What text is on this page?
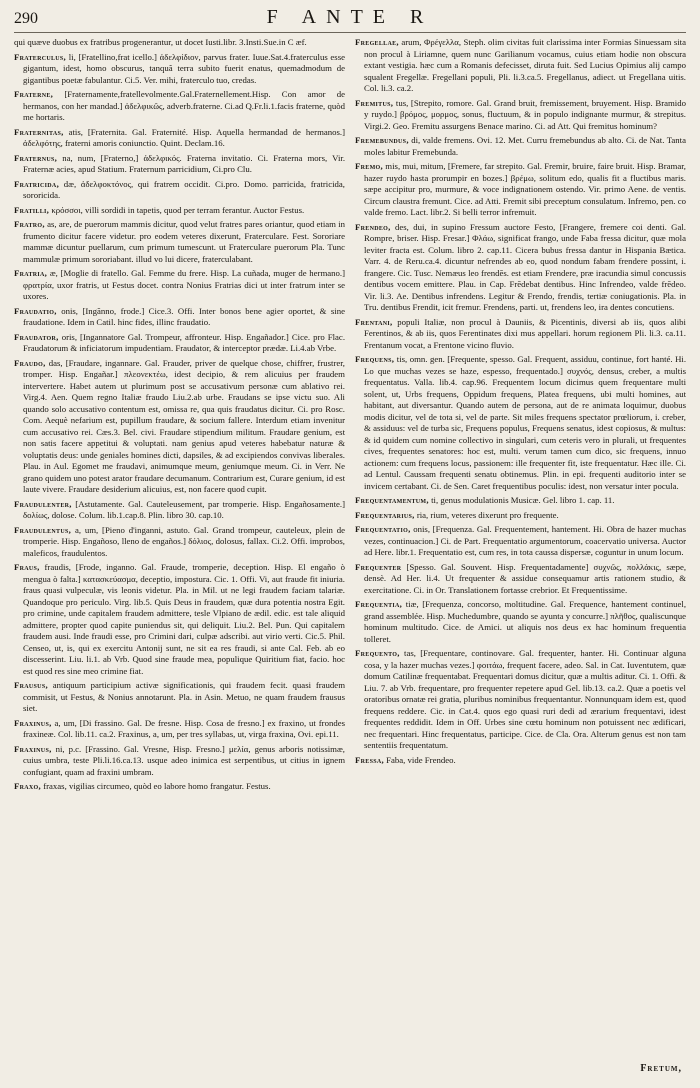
290	F ANTE R

qui quæve duobus ex fratribus progenerantur, ut docet Iusti.libr. 3.Insti.Sue.in C æf.

Fraterculus, li, [Fratellino,frat icello.] ἀδελφίδιον, parvus frater. Iuue.Sat.4.fraterculus esse gigantum, idest, homo obscurus, tanquã terra subito fuerit enatus, quemadmodum de gigantibus poetæ fabulantur. Ci.5. Ver. mihi, fraterculo tuo, credas.

Fraterne, [Fraternamente,fratellevolmente.Gal.Fraternellement.Hisp. Con amor de hermanos, con her mandad.] ἀδελφικῶς, adverb.fraterne. Ci.ad Q.Fr.li.1.facis fraterne, quòd me hortaris.

Fraternitas, atis, [Fraternita. Gal. Fraternité. Hisp. Aquella hermandad de hermanos.] ἀδελφότης, fraterni amoris coniunctio. Quint. Declam.16.

Fraternus, na, num, [Fraterno,] ἀδελφικός. Fraterna invitatio. Ci. Fraterna mors, Vir. Fraternæ acies, apud Statium. Fraternum parricidium, Ci.pro Clu.

Fratricida, dæ, ἀδελφοκτόνος, qui fratrem occidit. Ci.pro. Domo. parricida, fratricida, sororicida.

Fratilli, κρόσσοι, villi sordidi in tapetis, quod per terram ferantur. Auctor Festus.

Fratro, as, are, de puerorum mammis dicitur, quod velut fratres pares oriantur, quod etiam in frumento dicitur facere videtur. pro eodem veteres dixerunt, Fraterculare. Fest. Sororiare mammæ dicuntur puellarum, cum primum tumescunt. ut Fraterculare puerorum Pla. Tunc mammulæ primum sororiabant. illud vo lui dicere, fraterculabant.

Fratria, æ, [Moglie di fratello. Gal. Femme du frere. Hisp. La cuñada, muger de hermano.] φρατρία, uxor fratris, ut Festus docet. contra Nonius Fratrias dici ut inter fratrum inter se uxores.

Fraudatio, onis, [Ingãnno, frode.] Cice.3. Offi. Inter bonos bene agier oportet, & sine fraudatione. Idem in Catil. hinc fides, illinc fraudatio.

Fraudator, oris, [Ingannatore Gal. Trompeur, affronteur. Hisp. Engañador.] Cice. pro Flac. Fraudatorum & inficiatorum impudentiam. Fraudator, & interceptor prædæ. Li.4.ab Vrbe.

Fraudo, das, [Fraudare, ingannare. Gal. Frauder, priver de quelque chose, chiffrer, frustrer, tromper. Hisp. Engañar.] πλεονεκτέω, idest decipio, & rem alicuius per fraudem intervertere. Habet autem ut plurimum post se accusativum personæ cum ablativo rei. Virg.4. Aen. Quem regno Italiæ fraudo Liu.2.ab urbe. Fraudans se ipse victu suo. Ali quando solo accusativo contentum est, omissa re, qua quis fraudatus dicitur. Ci. pro Rosc. Com. Aequè nefarium est, pupillum fraudare, & socium fallere. Interdum etiam invenitur cum accusativo rei. Cæs.3. Bel. civi. Fraudare stipendium militum. Fraudare genium, est non satis facere appetitui & voluptati. nam genius apud veteres habebatur naturæ & voluptatis deus: unde geniales homines dicti, dapsiles, & ad excipiendos convivas liberales. Plau. in Aul. Egomet me fraudavi, animumque meum, geniumque meum. Ci. in Verr. Ne grano quidem uno potest arator fraudare decumanum. Contrarium est, Curare genium, id est laute vivere. Fraudare desiderium alicuius, est, non facere quod cupit.

Fraudulenter, [Astutamente. Gal. Cauteleusement, par tromperie. Hisp. Engañosamente.] δολίως, dolose. Colum. lib.1.cap.8. Plin. libro 30. cap.10.

Fraudulentus, a, um, [Pieno d'inganni, astuto. Gal. Grand trompeur, cauteleux, plein de tromperie. Hisp. Engañoso, lleno de engaños.] δόλιος, dolosus, fallax. Ci.2. Offi. improbos, maleficos, fraudulentos.

Fraus, fraudis, [Frode, inganno. Gal. Fraude, tromperie, deception. Hisp. El engaño ò mengua ò falta.] κατασκεύασμα, deceptio, impostura. Cic. 1. Offi. Vi, aut fraude fit iniuria. fraus quasi vulpeculæ, vis leonis videtur. Pla. in Mil. ut ne legi fraudem faciam talariæ. Quandoque pro periculo. Virg. lib.5. Quis Deus in fraudem, quæ dura potentia nostra Egit. pro crimine, unde capitalem fraudem admittere, tesle Vlpiano de ædil. edic. est tale aliquid admittere, propter quod capite puniendus sit, qui deliquit. Liu.2. Bel. Pun. Qui capitalem fraudem ausi. Inde fraudi esse, pro Crimini dari, culpæ adscribi. aut virio verti. Cic.5. Phil. Censeo, ut, is, qui ex exercitu Antonij sunt, ne sit ea res fraudi, si ante Cal. Feb. ab eo discesserint. Liu. li.1. ab Vrb. Quod sine fraude mea, populique Quiritium fiat, facio. hoc est quod res sine meo crimine fiat.

Frausus, antiquum participium activæ significationis, qui fraudem fecit. quasi fraudem commisit, ut Festus, & Nonius annotarunt. Pla. in Asin. Metuo, ne quam fraudem frausus siet.

Fraxinus, a, um, [Di frassino. Gal. De fresne. Hisp. Cosa de fresno.] ex fraxino, ut frondes fraxineæ. Col. lib.11. ca.2. Fraxinus, a, um, per tres syllabas, ut, virga fraxina, Ovi. epi.11.

Fraxinus, ni, p.c. [Frassino. Gal. Vresne, Hisp. Fresno.] μελία, genus arboris notissimæ, cuius umbra, teste Pli.li.16.ca.13. usque adeo inimica est serpentibus, ut citius in ignem confugiant, quam ad fraxini umbram.

Fraxo, fraxas, vigilias circumeo, quòd eo labore homo frangatur. Festus.

Fregellae, arum, Φρέγελλα, Steph. olim civitas fuit clarissima inter Formias Sinuessam sita non procul à Liriamne, quem nunc Garilianum vocamus, cuius etiam hodie non obscura extant vestigia. hæc cum a Romanis defecisset, diruta fuit. Sed Lucius Opimius alij campo squalent Fregellæ. Fregellani populi, Pli. li.3.ca.5. Fregellanus, adiect. ut Fregellana uitis. Col. li.3. ca.2.

Fremitus, tus, [Strepito, romore. Gal. Grand bruit, fremissement, bruyement. Hisp. Bramido y ruydo.] βρόμος, μορμος, sonus, fluctuum, & in populo indignante murmur, & strepitus. Virgi.2. Geo. Fremitu assurgens Benace marino. Ci. ad Att. Qui fremitus hominum?

Fremebundus, di, valde fremens. Ovi. 12. Met. Curru fremebundus ab alto. Ci. de Nat. Tanta moles labitur Fremebunda.

Fremo, mis, mui, mitum, [Fremere, far strepito. Gal. Fremir, bruire, faire bruit. Hisp. Bramar, hazer ruydo hasta prorumpir en bozes.] βρέμω, solitum edo, qualis fit a fluctibus maris. sæpe accipitur pro, murmure, & voce indignationem ostendo. Vir. primo Aene. de ventis. Circum claustra fremunt. Cice. ad Atti. Fremit sibi preceptum consulatum. Infremo, pen. co valde fremo. Lact. libr.2. Si belli terror infremuit.

Frendeo, des, dui, in supino Fressum auctore Festo, [Frangere, fremere coi denti. Gal. Rompre, briser. Hisp. Fresar.] Φλάω, significat frango, unde Faba fressa dicitur, quæ mola leviter fracta est. Colum. libro 2. cap.11. Cicera bubus fressa dantur in Hispania Bætica. Varr. 4. de Reru.ca.4. dicuntur nefrendes ab eo, quod nondum fabam frendere possint, i. frangere. Cic. Tusc. Nemæus leo frendēs. est etiam Frendere, præ iracundia simul concussis dentibus vocem emittere. Plau. in Cap. Frēdebat dentibus. Hinc Infrendeo, valde frēdeo. Vir. li.3. Ae. Dentibus infrendens. Legitur & Frendo, frendis, tertiæ coniugationis. Pla. in Tru. dentibus Frendit, icit fremur. Frendens, parti. ut, frendens leo, ira dentes concutiens.

Frentani, populi Italiæ, non procul à Dauniis, & Picentinis, diversi ab iis, quos alibi Ferentinos, & ab iis, quos Ferentinates dixi mus appellari. horum regionem Pli. li.3. ca.11. Frentanum vocat, a Frentone vicino fluvio.

Frequens, tis, omn. gen. [Frequente, spesso. Gal. Frequent, assiduu, continue, fort hanté. Hi. Lo que muchas vezes se haze, espesso, frequentado.] συχνός, densus, creber, a multis frequentatus. Valla. lib.4. cap.96. Frequentem locum dicimus quem frequentare multi solent, ut, Urbs frequens, Oppidum frequens, Platea frequens, ubi multi homines, aut habitant, aut diversantur. Quando autem de persona, aut de re animata loquimur, duobus modis dicitur, vel de tota si, vel de parte. Sit miles frequens spectator prœliorum, i. creber, & assiduus: vel de turba sic, Frequens populus, Frequens senatus, idest copiosus, & multus: & id quidem cum nomine collectivo in singulari, cum ceteris vero in plurali, ut frequentes cives, frequentes senatores: hoc est, multi. verum tamen cum dico, sic frequens, innuo actionem: cum frequens locus, passionem: ille frequenter fit, iste frequentatur. Hæc ille. Ci. ad Lentul. Caussam frequenti senatu obtinemus. Plin. in epi. frequenti auditorio inter se invicem certabant. Ci. de Sen. Caret frequentibus poculis: idest, non versatur inter pocula.

Frequentamentum, ti, genus modulationis Musicæ. Gel. libro 1. cap. 11.

Frequentarius, ria, rium, veteres dixerunt pro frequente.

Frequentatio, onis, [Frequenza. Gal. Frequentement, hantement. Hi. Obra de hazer muchas vezes, continuacion.] Ci. de Part. Frequentatio argumentorum, coacervatio universa. Auctor ad Here. libr.1. Frequentatio est, cum res, in tota caussa dispersæ, coguntur in unum locum.

Frequenter [Spesso. Gal. Souvent. Hisp. Frequentadamente] συχνῶς, πολλάκις, sæpe, densè. Ad Her. li.4. Ut frequenter & assidue consequamur artis rationem studio, & exercitatione. Ci. in Or. Translationem fortasse crebrior. Et Frequentissime.

Frequentia, tiæ, [Frequenza, concorso, moltitudine. Gal. Frequence, hantement continuel, grand assemblée. Hisp. Muchedumbre, quando se ayunta y concurre.] πλῆθος, qualiscunque hominum multitudo. Cice. de Amici. ut aliquis nos deus ex hac hominum frequentia tolleret.

Frequento, tas, [Frequentare, continovare. Gal. frequenter, hanter. Hi. Continuar alguna cosa, y la hazer muchas vezes.] φοιτάω, frequent facere, adeo. Sal. in Cat. Iuventutem, quæ domum Catilinæ frequentabat. Frequentari domus dicitur, quæ a multis aditur. Ci. 1. Offi. & Liu. 7. ab Vrb. frequentare, pro frequenter repetere apud Gel. lib.13. ca.2. Quæ a poetis vel oratoribus ornatæ rei gratia, pluribus nominibus frequentantur. Nonnunquam idem est, quod frequens reddere. Cic. in Cat.4. quos ego quasi ruri dedi ad ærarium frequentavi, idest frequentes reddidit. Idem in Off. Urbes sine cœtu hominum non potuissent nec ædificari, nec frequentari. Hinc frequentatus, participe. Cice. de Cla. Ora. Alterum genus est non tam sententiis frequentatum.

Fressa, Faba, vide Frendeo.

Fretum,
